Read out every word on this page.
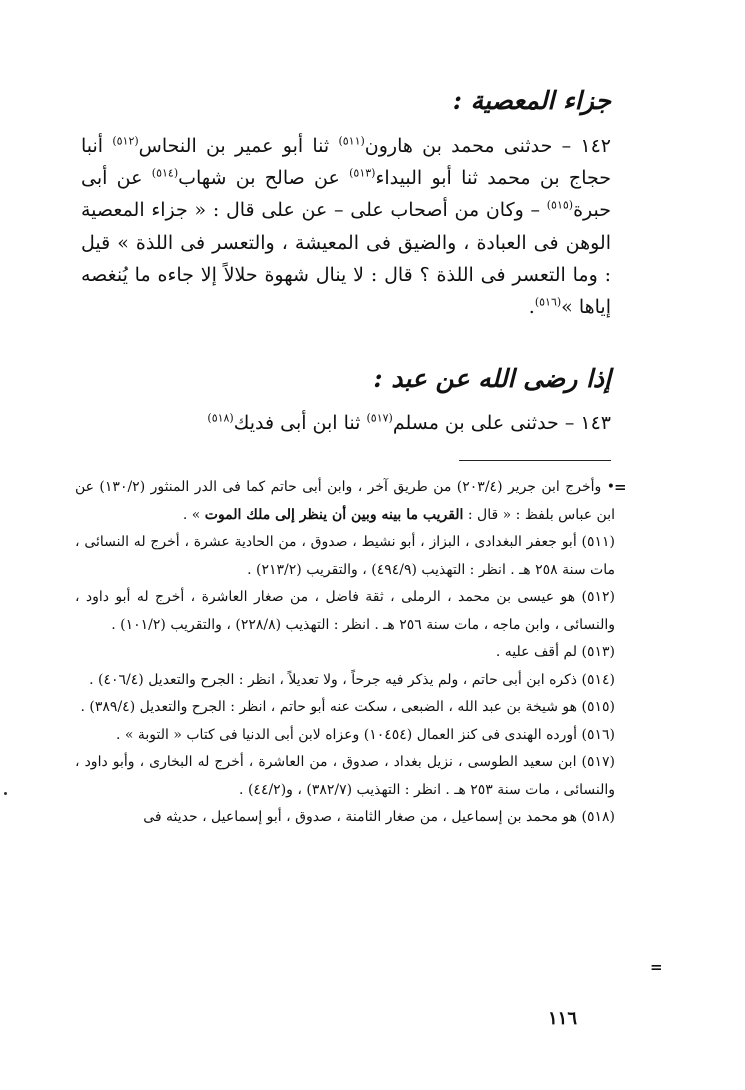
جزاء المعصية :

١٤٢ – حدثنى محمد بن هارون$^{(٥١١)}$ ثنا أبو عمير بن النحاس$^{(٥١٢)}$ أنبا حجاج بن محمد ثنا أبو البيداء$^{(٥١٣)}$ عن صالح بن شهاب$^{(٥١٤)}$ عن أبى حبرة$^{(٥١٥)}$ – وكان من أصحاب على – عن على قال : « جزاء المعصية الوهن فى العبادة ، والضيق فى المعيشة ، والتعسر فى اللذة » قيل : وما التعسر فى اللذة ؟ قال : لا ينال شهوة حلالاً إلا جاءه ما يُنغصه إياها »$^{(٥١٦)}$.

إذا رضى الله عن عبد :

١٤٣ – حدثنى على بن مسلم$^{(٥١٧)}$ ثنا ابن أبى فديك$^{(٥١٨)}$

• وأخرج ابن جرير (٢٠٣/٤) من طريق آخر ، وابن أبى حاتم كما فى الدر المنثور (١٣٠/٢) عن ابن عباس بلفظ : « قال : القريب ما بينه وبين أن ينظر إلى ملك الموت » .

(٥١١) أبو جعفر البغدادى ، البزاز ، أبو نشيط ، صدوق ، من الحادية عشرة ، أخرج له النسائى ، مات سنة ٢٥٨ هـ . انظر : التهذيب (٤٩٤/٩) ، والتقريب (٢١٣/٢) .

(٥١٢) هو عيسى بن محمد ، الرملى ، ثقة فاضل ، من صغار العاشرة ، أخرج له أبو داود ، والنسائى ، وابن ماجه ، مات سنة ٢٥٦ هـ . انظر : التهذيب (٢٢٨/٨) ، والتقريب (١٠١/٢) .

(٥١٣) لم أقف عليه .

(٥١٤) ذكره ابن أبى حاتم ، ولم يذكر فيه جرحاً ، ولا تعديلاً ، انظر : الجرح والتعديل (٤٠٦/٤) .

(٥١٥) هو شيخة بن عبد الله ، الضبعى ، سكت عنه أبو حاتم ، انظر : الجرح والتعديل (٣٨٩/٤) .

(٥١٦) أورده الهندى فى كنز العمال (١٠٤٥٤) وعزاه لابن أبى الدنيا فى كتاب « التوبة » .

(٥١٧) ابن سعيد الطوسى ، نزيل بغداد ، صدوق ، من العاشرة ، أخرج له البخارى ، وأبو داود ، والنسائى ، مات سنة ٢٥٣ هـ . انظر : التهذيب (٣٨٢/٧) ، و(٤٤/٢) .

(٥١٨) هو محمد بن إسماعيل ، من صغار الثامنة ، صدوق ، أبو إسماعيل ، حديثه فى

=
=
١١٦
